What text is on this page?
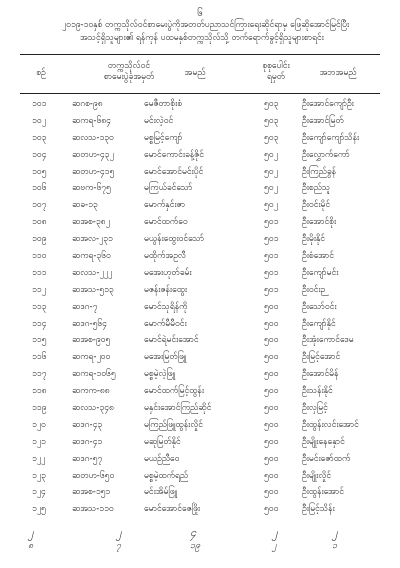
၆
၂၀၁၉-၁၀နှစ် တက္ကသိုလ်ဝင်စာမေးပွဲကိုအတတ်ပညာသင်ကြားရေးဆိုင်ရာမှ ဖြေဆိုအောင်မြင်ပြီး
အသင့်ရှိသူများ၏ ရန်ကုန် ပထမနှစ်တက္ကသိုလ်သို့ တက်ရောက်ခွင့်ရှိသူများစာရင်း
စဉ်
တက္ကသိုလ်ဝင်
စာမေးပွဲခုံအမှတ်	အမည်
စုစုပေါင်း
ရမှတ်	အဘအမည်
၁၀၁	ဆဂစ-၉၈	မေဇီတာစိုးစံ	၅၀၃	ဦးအောင်ကျော်ဦး
၁၀၂	ဆကရ-၆၈၄	မင်းလဲ့ဝင်	၅၀၃	ဦးအောင်မြတ်
၁၀၃	ဆလသ-၁၃၀	မစ္စမြင့်ကျော်	၅၀၃	ဦးကျော်ကျော်သိန်း
၁၀၄	ဆတဟ-၄၃၂	မောင်ကောင်းခန့်ဇိုင်	၅၀၂	ဦးလွှောက်ကော်
၁၀၅	ဆတဟ-၄၁၅	မောင်အောင်မင်းပိုင်	၅၀၂	ဦးကြည်ခွန်
၁၀၆	ဆဗက-၆၇၅	မကြယ်ခင်သော်	၅၀၂	ဦးစည်သူ
၁၀၇	ဆခ-၁၃	မောက်နှင်းဇာ	၅၀၂	ဦးဝင်းမိုင်
၁၀၈	ဆအစ-၃၈၂	မောင်ထက်ဝေ	၅၀၁	ဦးအောင်စိုး
၁၀၉	ဆအလ-၂၃၁	မယွန်းထွေးဝင်သော်	၅၀၁	ဦးမိုးနိုင်
၁၁၀	ဆကရ-၃၆၀	မထိုက်အဥလီ	၅၀၁	ဦးစံအောင်
၁၁၁	ဆလသ-၂၂၂	မအေးဟုတ်ခမ်း	၅၀၁	ဦးကျော်မင်း
၁၁၂	ဆအသ-၅၁၃	မဇန်းဇန်းထွေး	၅၀၁	ဦးဝင်းဉ
၁၁၃	ဆဒဂ-၇	မောင်သုရိန်ကို	၅၀၀	ဦးသော်ဝင်း
၁၁၄	ဆဒဂ-၅၆၄	မောက်မီမီဝင်း	၅၀၀	ဦးကျော်နိုင်
၁၁၅	ဆအစ-၉၀၅	မောင်ရဲမင်းအောင်	၅၀၀	ဦးအုံးကောင်ဒေမ
၁၁၆	ဆကရ-၂၀၀	မအေးမြတ်ဖြူ	၅၀၀	ဦးမြင့်အောင်
၁၁၇	ဆကရ-၁၀၆၅	မစ္စမဲ့လဲ့ဖြူ	၅၀၀	ဦးအောင်မိန်
၁၁၈	ဆကက-၈၈	မောင်ထက်မြင့်ထွန်း	၅၀၀	ဦးသန်းနိုင်
၁၁၉	ဆလသ-၃၄၈	မနှင်းအောင်ကြည်ဆိုင်	၅၀၀	ဦးလှမြင့်
၁၂၀	ဆဒဂ-၄၃	မကြည်ဖြူထွန်းလှိုင်	၅၀၀	ဦးထွန်းလင်းအောင်
၁၂၁	ဆဒဂ-၄၁	မဆုမြတ်နိုင်	၅၀၀	ဦးမျိုးနေနှောင်
၁၂၂	ဆဒဂ-၅၇	မယဉ်ညီဝေ	၅၀၀	ဦးမင်းဇော်ထက်
၁၂၃	ဆတဟ-၆၅၀	မစ္စမဲ့ထက်ရည်	၅၀၀	ဦးမျိုးလှိုင်
၁၂၄	ဆအစ-၁၅၁	မင်းအိမ်ဖြူ	၅၀၀	ဦးထွန်းအောင်
၁၂၅	ဆအသ-၁၁၀	မောင်အောင်ဇေဖြိုး	၅၀၀	ဦးမြင့်သိန်း
၂
၈
၂
၇
၄
၁၉
၂
၂
၂
၁
